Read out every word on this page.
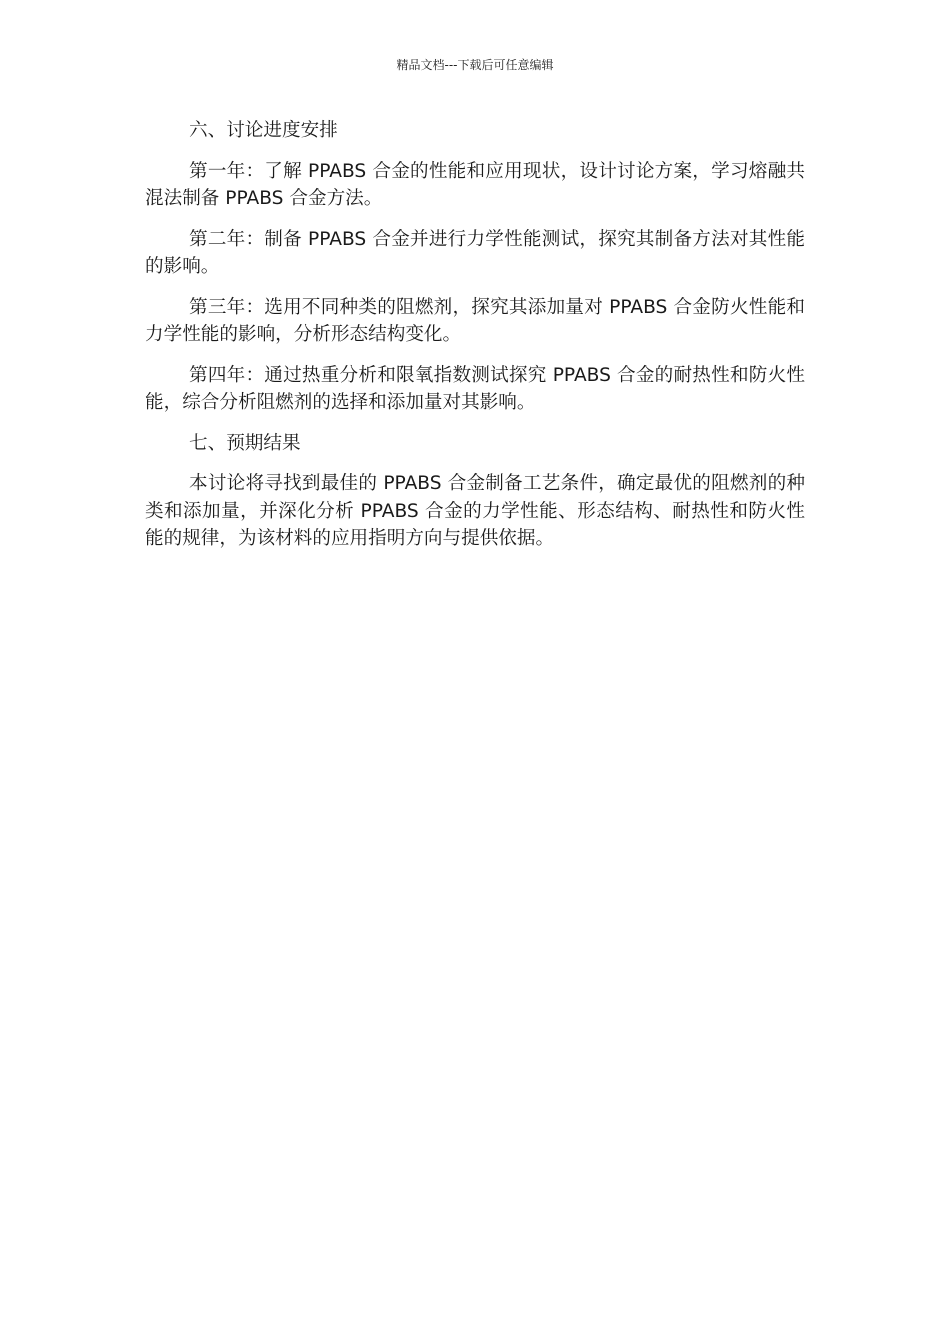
精品文档---下载后可任意编辑

六、讨论进度安排

第一年：了解 PPABS 合金的性能和应用现状，设计讨论方案，学习熔融共混法制备 PPABS 合金方法。

第二年：制备 PPABS 合金并进行力学性能测试，探究其制备方法对其性能的影响。

第三年：选用不同种类的阻燃剂，探究其添加量对 PPABS 合金防火性能和力学性能的影响，分析形态结构变化。

第四年：通过热重分析和限氧指数测试探究 PPABS 合金的耐热性和防火性能，综合分析阻燃剂的选择和添加量对其影响。

七、预期结果

本讨论将寻找到最佳的 PPABS 合金制备工艺条件，确定最优的阻燃剂的种类和添加量，并深化分析 PPABS 合金的力学性能、形态结构、耐热性和防火性能的规律，为该材料的应用指明方向与提供依据。
